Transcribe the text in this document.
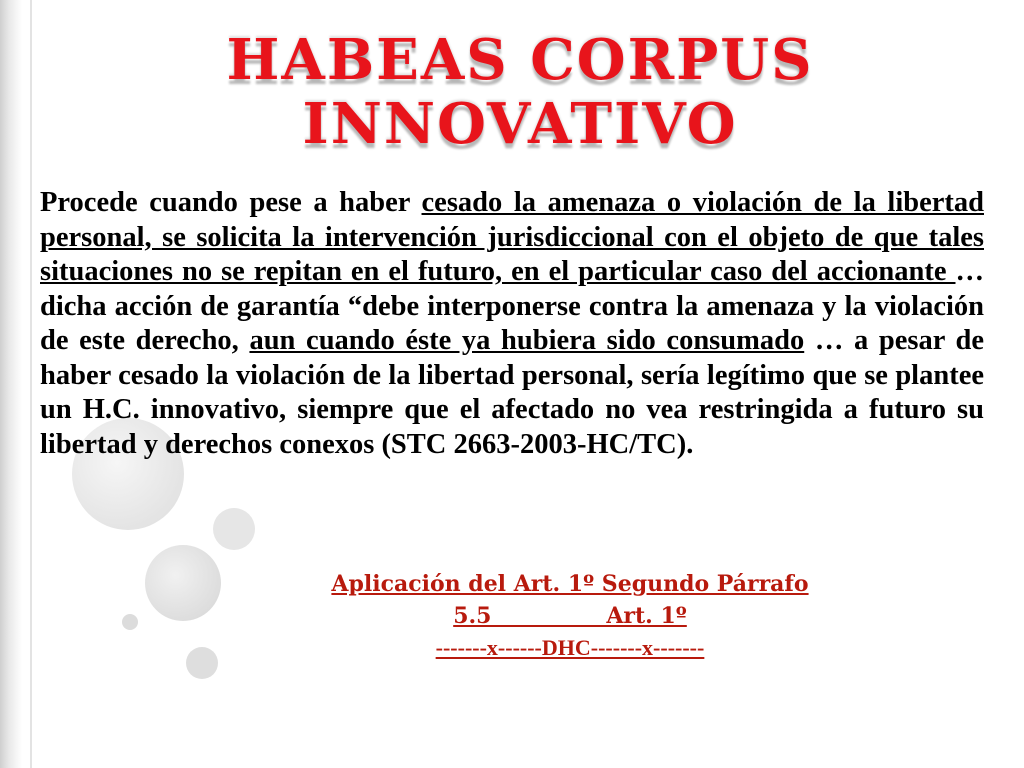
HABEAS CORPUS
INNOVATIVO

Procede cuando pese a haber cesado la amenaza o violación de la libertad personal, se solicita la intervención jurisdiccional con el objeto de que tales situaciones no se repitan en el futuro, en el particular caso del accionante … dicha acción de garantía “debe interponerse contra la amenaza y la violación de este derecho, aun cuando éste ya hubiera sido consumado … a pesar de haber cesado la violación de la libertad personal, sería legítimo que se plantee un H.C. innovativo, siempre que el afectado no vea restringida a futuro su libertad y derechos conexos (STC 2663-2003-HC/TC).

Aplicación del Art. 1º Segundo Párrafo
5.5               Art. 1º
-------x------DHC-------x-------
